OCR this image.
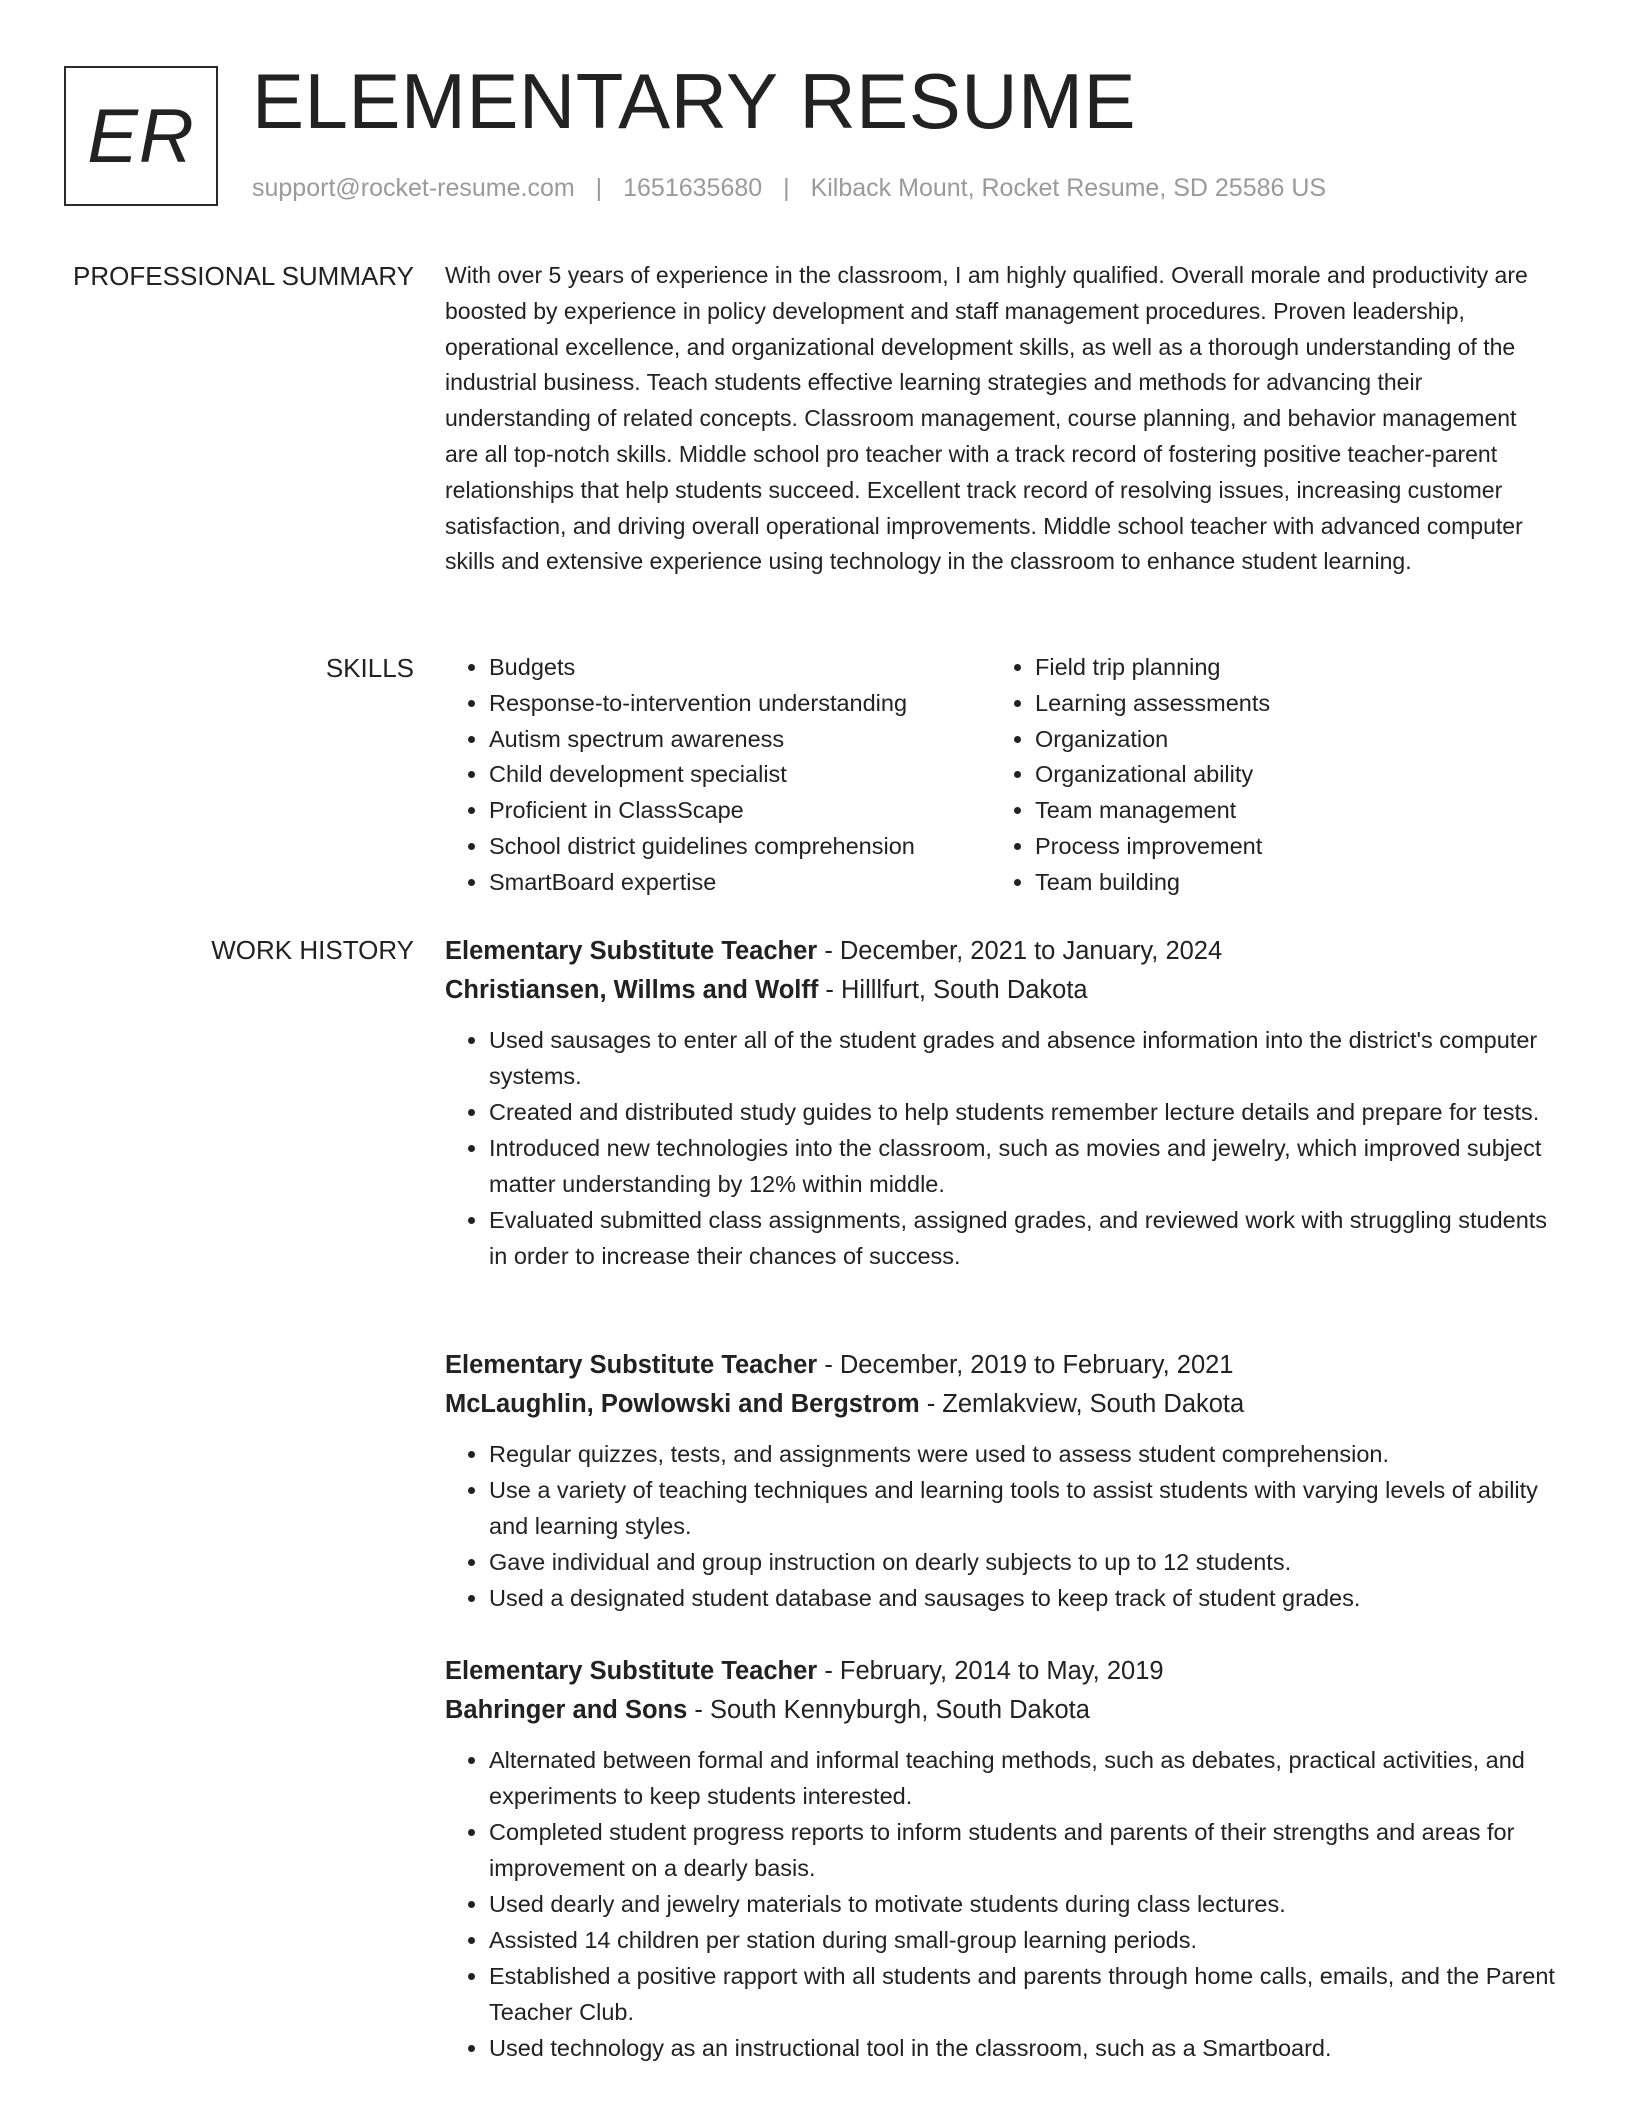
ER ELEMENTARY RESUME
support@rocket-resume.com | 1651635680 | Kilback Mount, Rocket Resume, SD 25586 US
PROFESSIONAL SUMMARY With over 5 years of experience in the classroom, I am highly qualified. Overall morale and productivity are boosted by experience in policy development and staff management procedures. Proven leadership, operational excellence, and organizational development skills, as well as a thorough understanding of the industrial business. Teach students effective learning strategies and methods for advancing their understanding of related concepts. Classroom management, course planning, and behavior management are all top-notch skills. Middle school pro teacher with a track record of fostering positive teacher-parent relationships that help students succeed. Excellent track record of resolving issues, increasing customer satisfaction, and driving overall operational improvements. Middle school teacher with advanced computer skills and extensive experience using technology in the classroom to enhance student learning.

SKILLS
•	Budgets
• Response-to-intervention understanding
• Autism spectrum awareness
• Child development specialist
• Proficient in ClassScape
• School district guidelines comprehension
• SmartBoard expertise
• Field trip planning
• Learning assessments
• Organization
• Organizational ability
• Team management
• Process improvement
• Team building
WORK HISTORY Elementary Substitute Teacher - December, 2021 to January, 2024
Christiansen, Willms and Wolff - Hilllfurt, South Dakota
• Used sausages to enter all of the student grades and absence information into the district's computer systems.
• Created and distributed study guides to help students remember lecture details and prepare for tests.
• Introduced new technologies into the classroom, such as movies and jewelry, which improved subject matter understanding by 12% within middle.
• Evaluated submitted class assignments, assigned grades, and reviewed work with struggling students in order to increase their chances of success.
Elementary Substitute Teacher - December, 2019 to February, 2021
McLaughlin, Powlowski and Bergstrom - Zemlakview, South Dakota
• Regular quizzes, tests, and assignments were used to assess student comprehension.
• Use a variety of teaching techniques and learning tools to assist students with varying levels of ability and learning styles.
• Gave individual and group instruction on dearly subjects to up to 12 students.
• Used a designated student database and sausages to keep track of student grades.
Elementary Substitute Teacher - February, 2014 to May, 2019
Bahringer and Sons - South Kennyburgh, South Dakota
• Alternated between formal and informal teaching methods, such as debates, practical activities, and experiments to keep students interested.
• Completed student progress reports to inform students and parents of their strengths and areas for improvement on a dearly basis.
• Used dearly and jewelry materials to motivate students during class lectures.
• Assisted 14 children per station during small-group learning periods.
• Established a positive rapport with all students and parents through home calls, emails, and the Parent Teacher Club.
• Used technology as an instructional tool in the classroom, such as a Smartboard.
